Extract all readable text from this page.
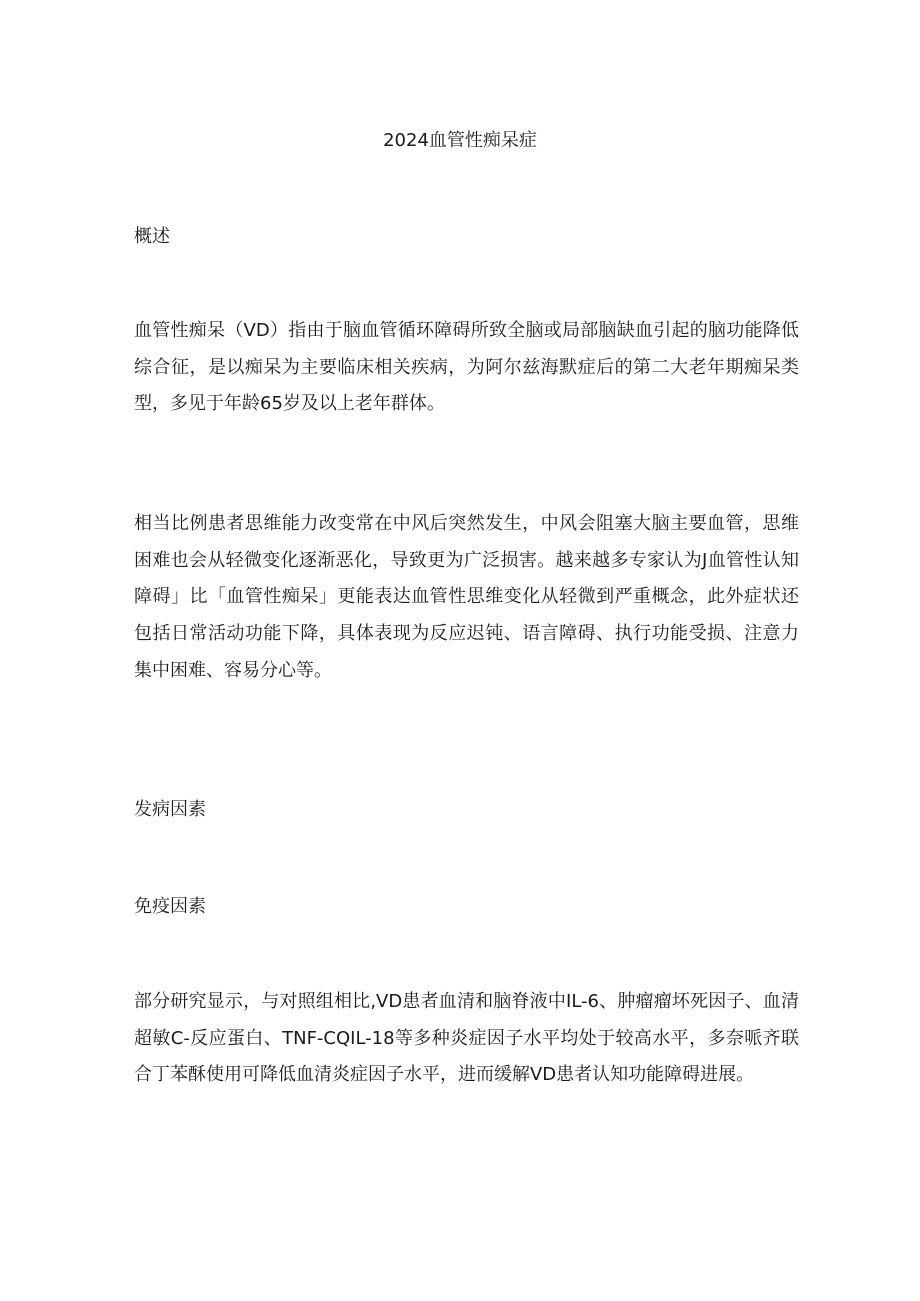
2024血管性痴呆症
概述

血管性痴呆（VD）指由于脑血管循环障碍所致全脑或局部脑缺血引起的脑功能降低综合征，是以痴呆为主要临床相关疾病，为阿尔兹海默症后的第二大老年期痴呆类型，多见于年龄65岁及以上老年群体。

相当比例患者思维能力改变常在中风后突然发生，中风会阻塞大脑主要血管，思维困难也会从轻微变化逐渐恶化，导致更为广泛损害。越来越多专家认为J血管性认知障碍」比「血管性痴呆」更能表达血管性思维变化从轻微到严重概念，此外症状还包括日常活动功能下降，具体表现为反应迟钝、语言障碍、执行功能受损、注意力集中困难、容易分心等。

发病因素
免疫因素

部分研究显示，与对照组相比,VD患者血清和脑脊液中IL-6、肿瘤瘤坏死因子、血清超敏C-反应蛋白、TNF-CQIL-18等多种炎症因子水平均处于较高水平，多奈哌齐联合丁苯酥使用可降低血清炎症因子水平，进而缓解VD患者认知功能障碍进展。
